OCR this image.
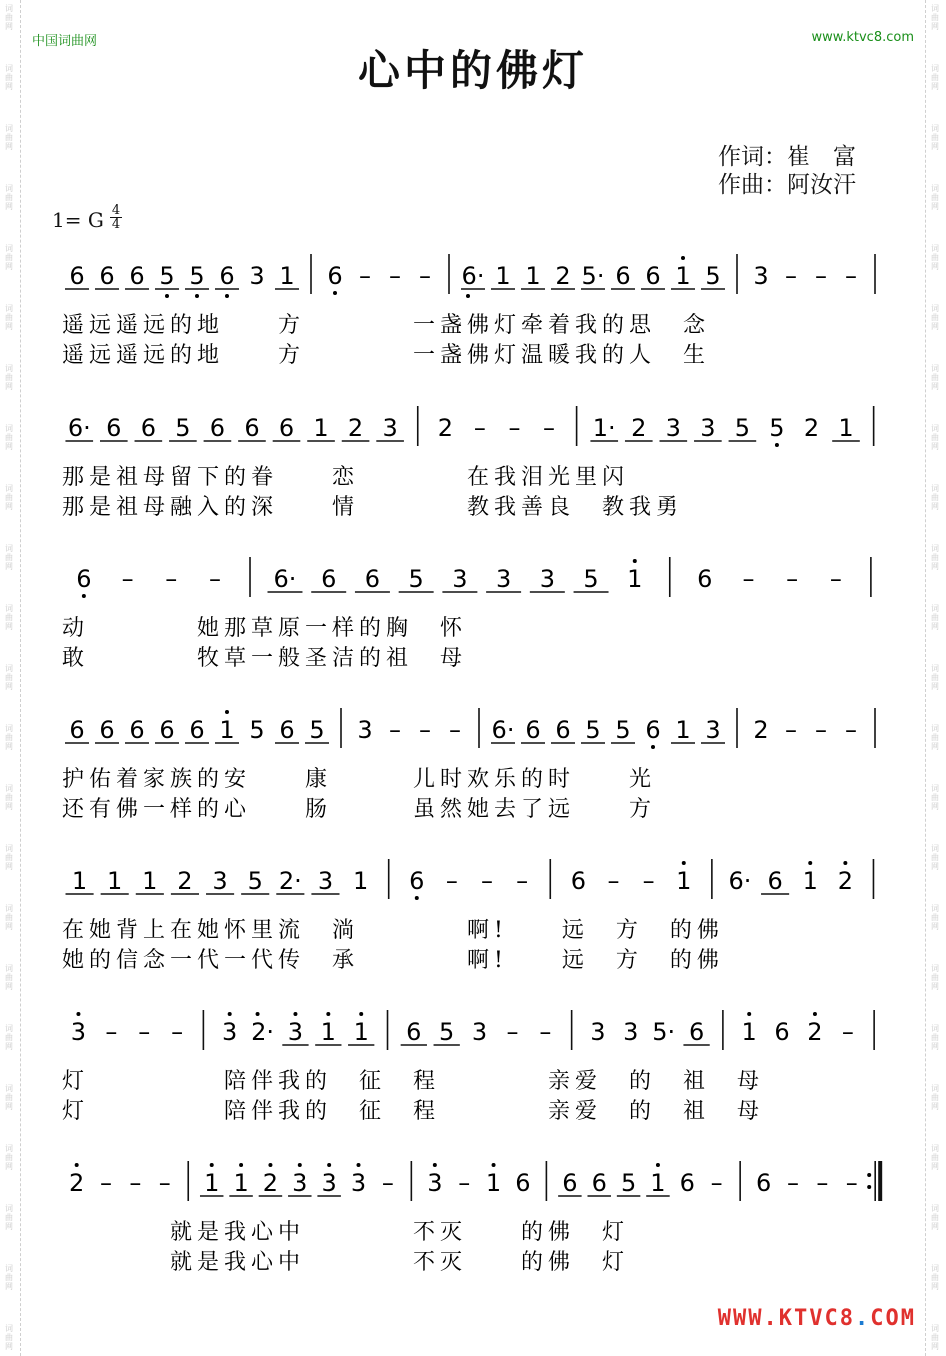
词曲网
词曲网
词曲网
词曲网
词曲网
词曲网
词曲网
词曲网
词曲网
词曲网
词曲网
词曲网
词曲网
词曲网
词曲网
词曲网
词曲网
词曲网
词曲网
词曲网
词曲网
词曲网
词曲网
词曲网
词曲网
词曲网
词曲网
词曲网
词曲网
词曲网
词曲网
词曲网
词曲网
词曲网
词曲网
词曲网
词曲网
词曲网
词曲网
词曲网
词曲网
词曲网
词曲网
词曲网
词曲网
词曲网
中国词曲网	www.ktvc8.com
心中的佛灯
作词：崔　富
作曲：阿汝汗
1= G 4
4
6 6 6 5 5 6 3 1 6 – – – 6· 1 1 2 5· 6 6 1 5 3 – – –
遥远遥远的地　　方　　　　一盏佛灯牵着我的思　念
遥远遥远的地　　方　　　　一盏佛灯温暖我的人　生
6· 6 6 5 6 6 6 1 2 3 2 – – – 1· 2 3 3 5 5 2 1
那是祖母留下的眷　　恋　　　　在我泪光里闪
那是祖母融入的深　　情　　　　教我善良　教我勇
6 – – – 6· 6 6 5 3 3 3 5 1 6 – – –
动　　　　她那草原一样的胸　怀
敢　　　　牧草一般圣洁的祖　母
6 6 6 6 6 1 5 6 5 3 – – – 6· 6 6 5 5 6 1 3 2 – – –
护佑着家族的安　　康　　　儿时欢乐的时　　光
还有佛一样的心　　肠　　　虽然她去了远　　方
1 1 1 2 3 5 2· 3 1 6 – – – 6 – – 1 6· 6 1 2
在她背上在她怀里流　淌　　　　啊!　　远　方　的佛
她的信念一代一代传　承　　　　啊!　　远　方　的佛
3 – – – 3 2· 3 1 1 6 5 3 – – 3 3 5· 6 1 6 2 –
灯　　　　　陪伴我的　征　程　　　　亲爱　的　祖　母
灯　　　　　陪伴我的　征　程　　　　亲爱　的　祖　母
2 – – – 1 1 2 3 3 3 – 3 – 1 6 6 6 5 1 6 – 6 – – –
　　　　就是我心中　　　　不灭　　的佛　灯
　　　　就是我心中　　　　不灭　　的佛　灯
WWW.KTVC8.COM
